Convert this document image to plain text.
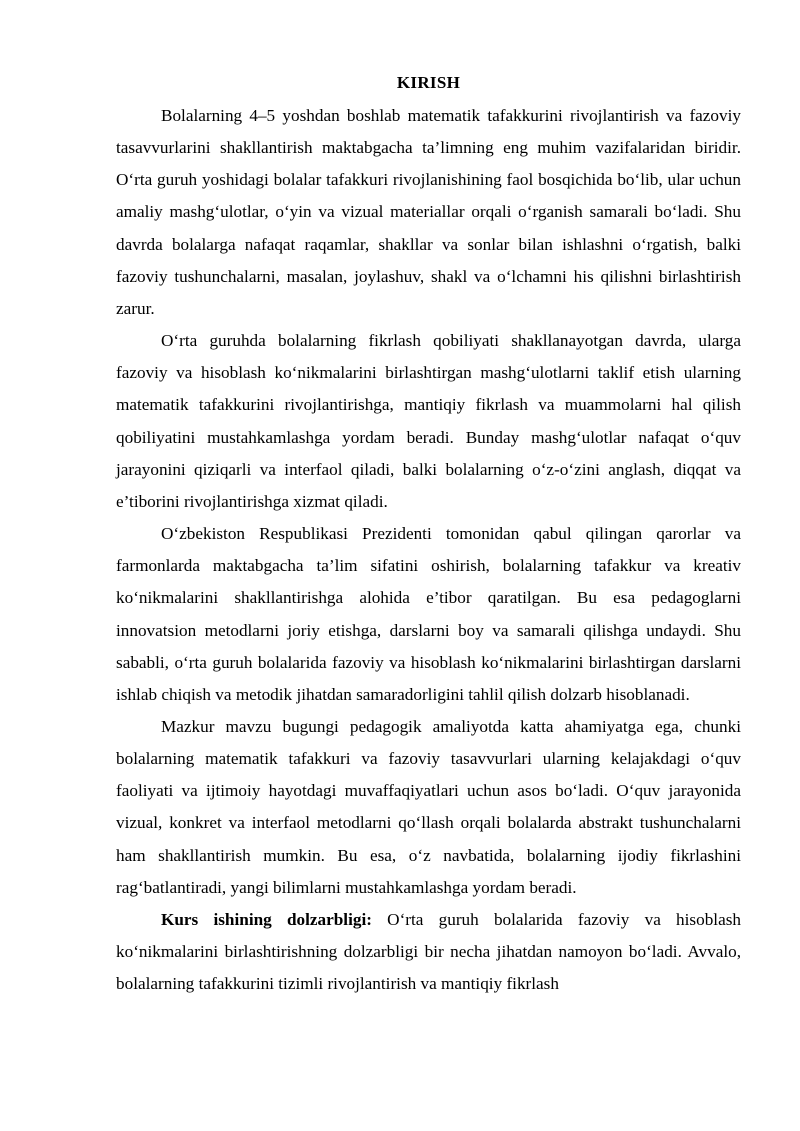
KIRISH

Bolalarning 4–5 yoshdan boshlab matematik tafakkurini rivojlantirish va fazoviy tasavvurlarini shakllantirish maktabgacha ta’limning eng muhim vazifalaridan biridir. O‘rta guruh yoshidagi bolalar tafakkuri rivojlanishining faol bosqichida bo‘lib, ular uchun amaliy mashg‘ulotlar, o‘yin va vizual materiallar orqali o‘rganish samarali bo‘ladi. Shu davrda bolalarga nafaqat raqamlar, shakllar va sonlar bilan ishlashni o‘rgatish, balki fazoviy tushunchalarni, masalan, joylashuv, shakl va o‘lchamni his qilishni birlashtirish zarur.

O‘rta guruhda bolalarning fikrlash qobiliyati shakllanayotgan davrda, ularga fazoviy va hisoblash ko‘nikmalarini birlashtirgan mashg‘ulotlarni taklif etish ularning matematik tafakkurini rivojlantirishga, mantiqiy fikrlash va muammolarni hal qilish qobiliyatini mustahkamlashga yordam beradi. Bunday mashg‘ulotlar nafaqat o‘quv jarayonini qiziqarli va interfaol qiladi, balki bolalarning o‘z-o‘zini anglash, diqqat va e’tiborini rivojlantirishga xizmat qiladi.

O‘zbekiston Respublikasi Prezidenti tomonidan qabul qilingan qarorlar va farmonlarda maktabgacha ta’lim sifatini oshirish, bolalarning tafakkur va kreativ ko‘nikmalarini shakllantirishga alohida e’tibor qaratilgan. Bu esa pedagoglarni innovatsion metodlarni joriy etishga, darslarni boy va samarali qilishga undaydi. Shu sababli, o‘rta guruh bolalarida fazoviy va hisoblash ko‘nikmalarini birlashtirgan darslarni ishlab chiqish va metodik jihatdan samaradorligini tahlil qilish dolzarb hisoblanadi.

Mazkur mavzu bugungi pedagogik amaliyotda katta ahamiyatga ega, chunki bolalarning matematik tafakkuri va fazoviy tasavvurlari ularning kelajakdagi o‘quv faoliyati va ijtimoiy hayotdagi muvaffaqiyatlari uchun asos bo‘ladi. O‘quv jarayonida vizual, konkret va interfaol metodlarni qo‘llash orqali bolalarda abstrakt tushunchalarni ham shakllantirish mumkin. Bu esa, o‘z navbatida, bolalarning ijodiy fikrlashini rag‘batlantiradi, yangi bilimlarni mustahkamlashga yordam beradi.

Kurs ishining dolzarbligi: O‘rta guruh bolalarida fazoviy va hisoblash ko‘nikmalarini birlashtirishning dolzarbligi bir necha jihatdan namoyon bo‘ladi. Avvalo, bolalarning tafakkurini tizimli rivojlantirish va mantiqiy fikrlash
